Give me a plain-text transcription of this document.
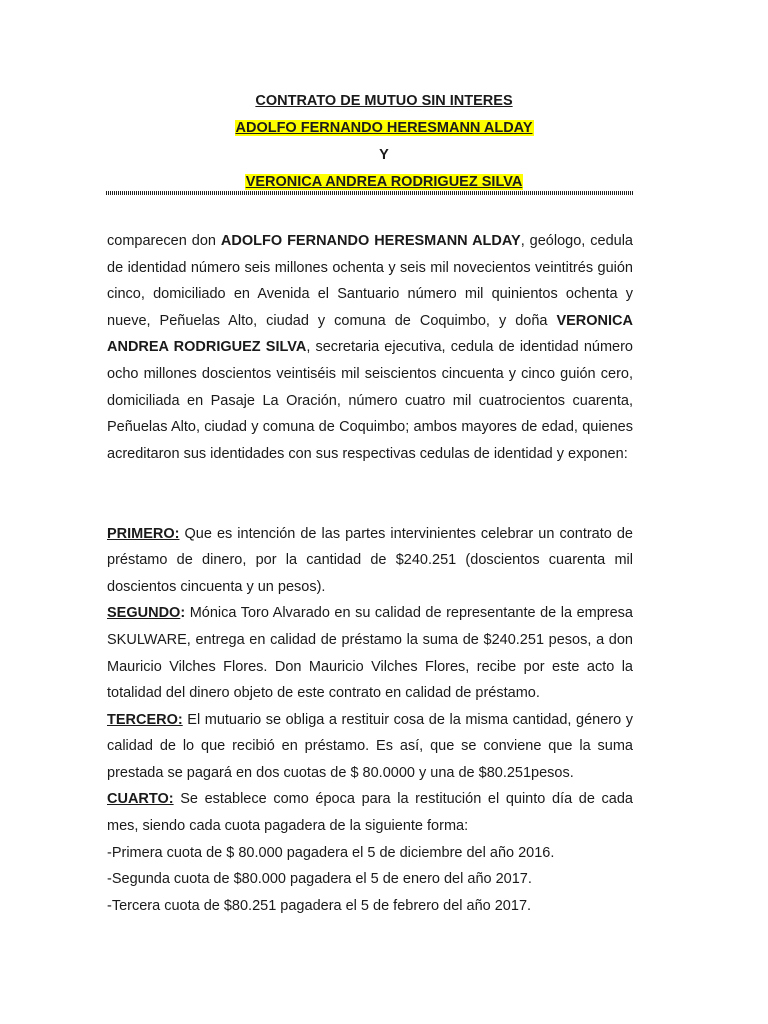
CONTRATO DE MUTUO SIN INTERES
ADOLFO FERNANDO HERESMANN ALDAY
Y
VERONICA ANDREA RODRIGUEZ SILVA

comparecen don ADOLFO FERNANDO HERESMANN ALDAY, geólogo, cedula de identidad número seis millones ochenta y seis mil novecientos veintitrés guión cinco, domiciliado en Avenida el Santuario número mil quinientos ochenta y nueve, Peñuelas Alto, ciudad y comuna de Coquimbo, y doña VERONICA ANDREA RODRIGUEZ SILVA, secretaria ejecutiva, cedula de identidad número ocho millones doscientos veintiséis mil seiscientos cincuenta y cinco guión cero, domiciliada en Pasaje La Oración, número cuatro mil cuatrocientos cuarenta, Peñuelas Alto, ciudad y comuna de Coquimbo; ambos mayores de edad, quienes acreditaron sus identidades con sus respectivas cedulas de identidad y exponen:

PRIMERO: Que es intención de las partes intervinientes celebrar un contrato de préstamo de dinero, por la cantidad de $240.251 (doscientos cuarenta mil doscientos cincuenta y un pesos).

SEGUNDO: Mónica Toro Alvarado en su calidad de representante de la empresa SKULWARE, entrega en calidad de préstamo la suma de $240.251 pesos, a don Mauricio Vilches Flores. Don Mauricio Vilches Flores, recibe por este acto la totalidad del dinero objeto de este contrato en calidad de préstamo.

TERCERO: El mutuario se obliga a restituir cosa de la misma cantidad, género y calidad de lo que recibió en préstamo. Es así, que se conviene que la suma prestada se pagará en dos cuotas de $ 80.0000 y una de $80.251pesos.

CUARTO: Se establece como época para la restitución el quinto día de cada mes, siendo cada cuota pagadera de la siguiente forma:

-Primera cuota de $ 80.000 pagadera el 5 de diciembre del año 2016.

-Segunda cuota de $80.000 pagadera el 5 de enero del año 2017.

-Tercera cuota de $80.251 pagadera el 5 de febrero del año 2017.
